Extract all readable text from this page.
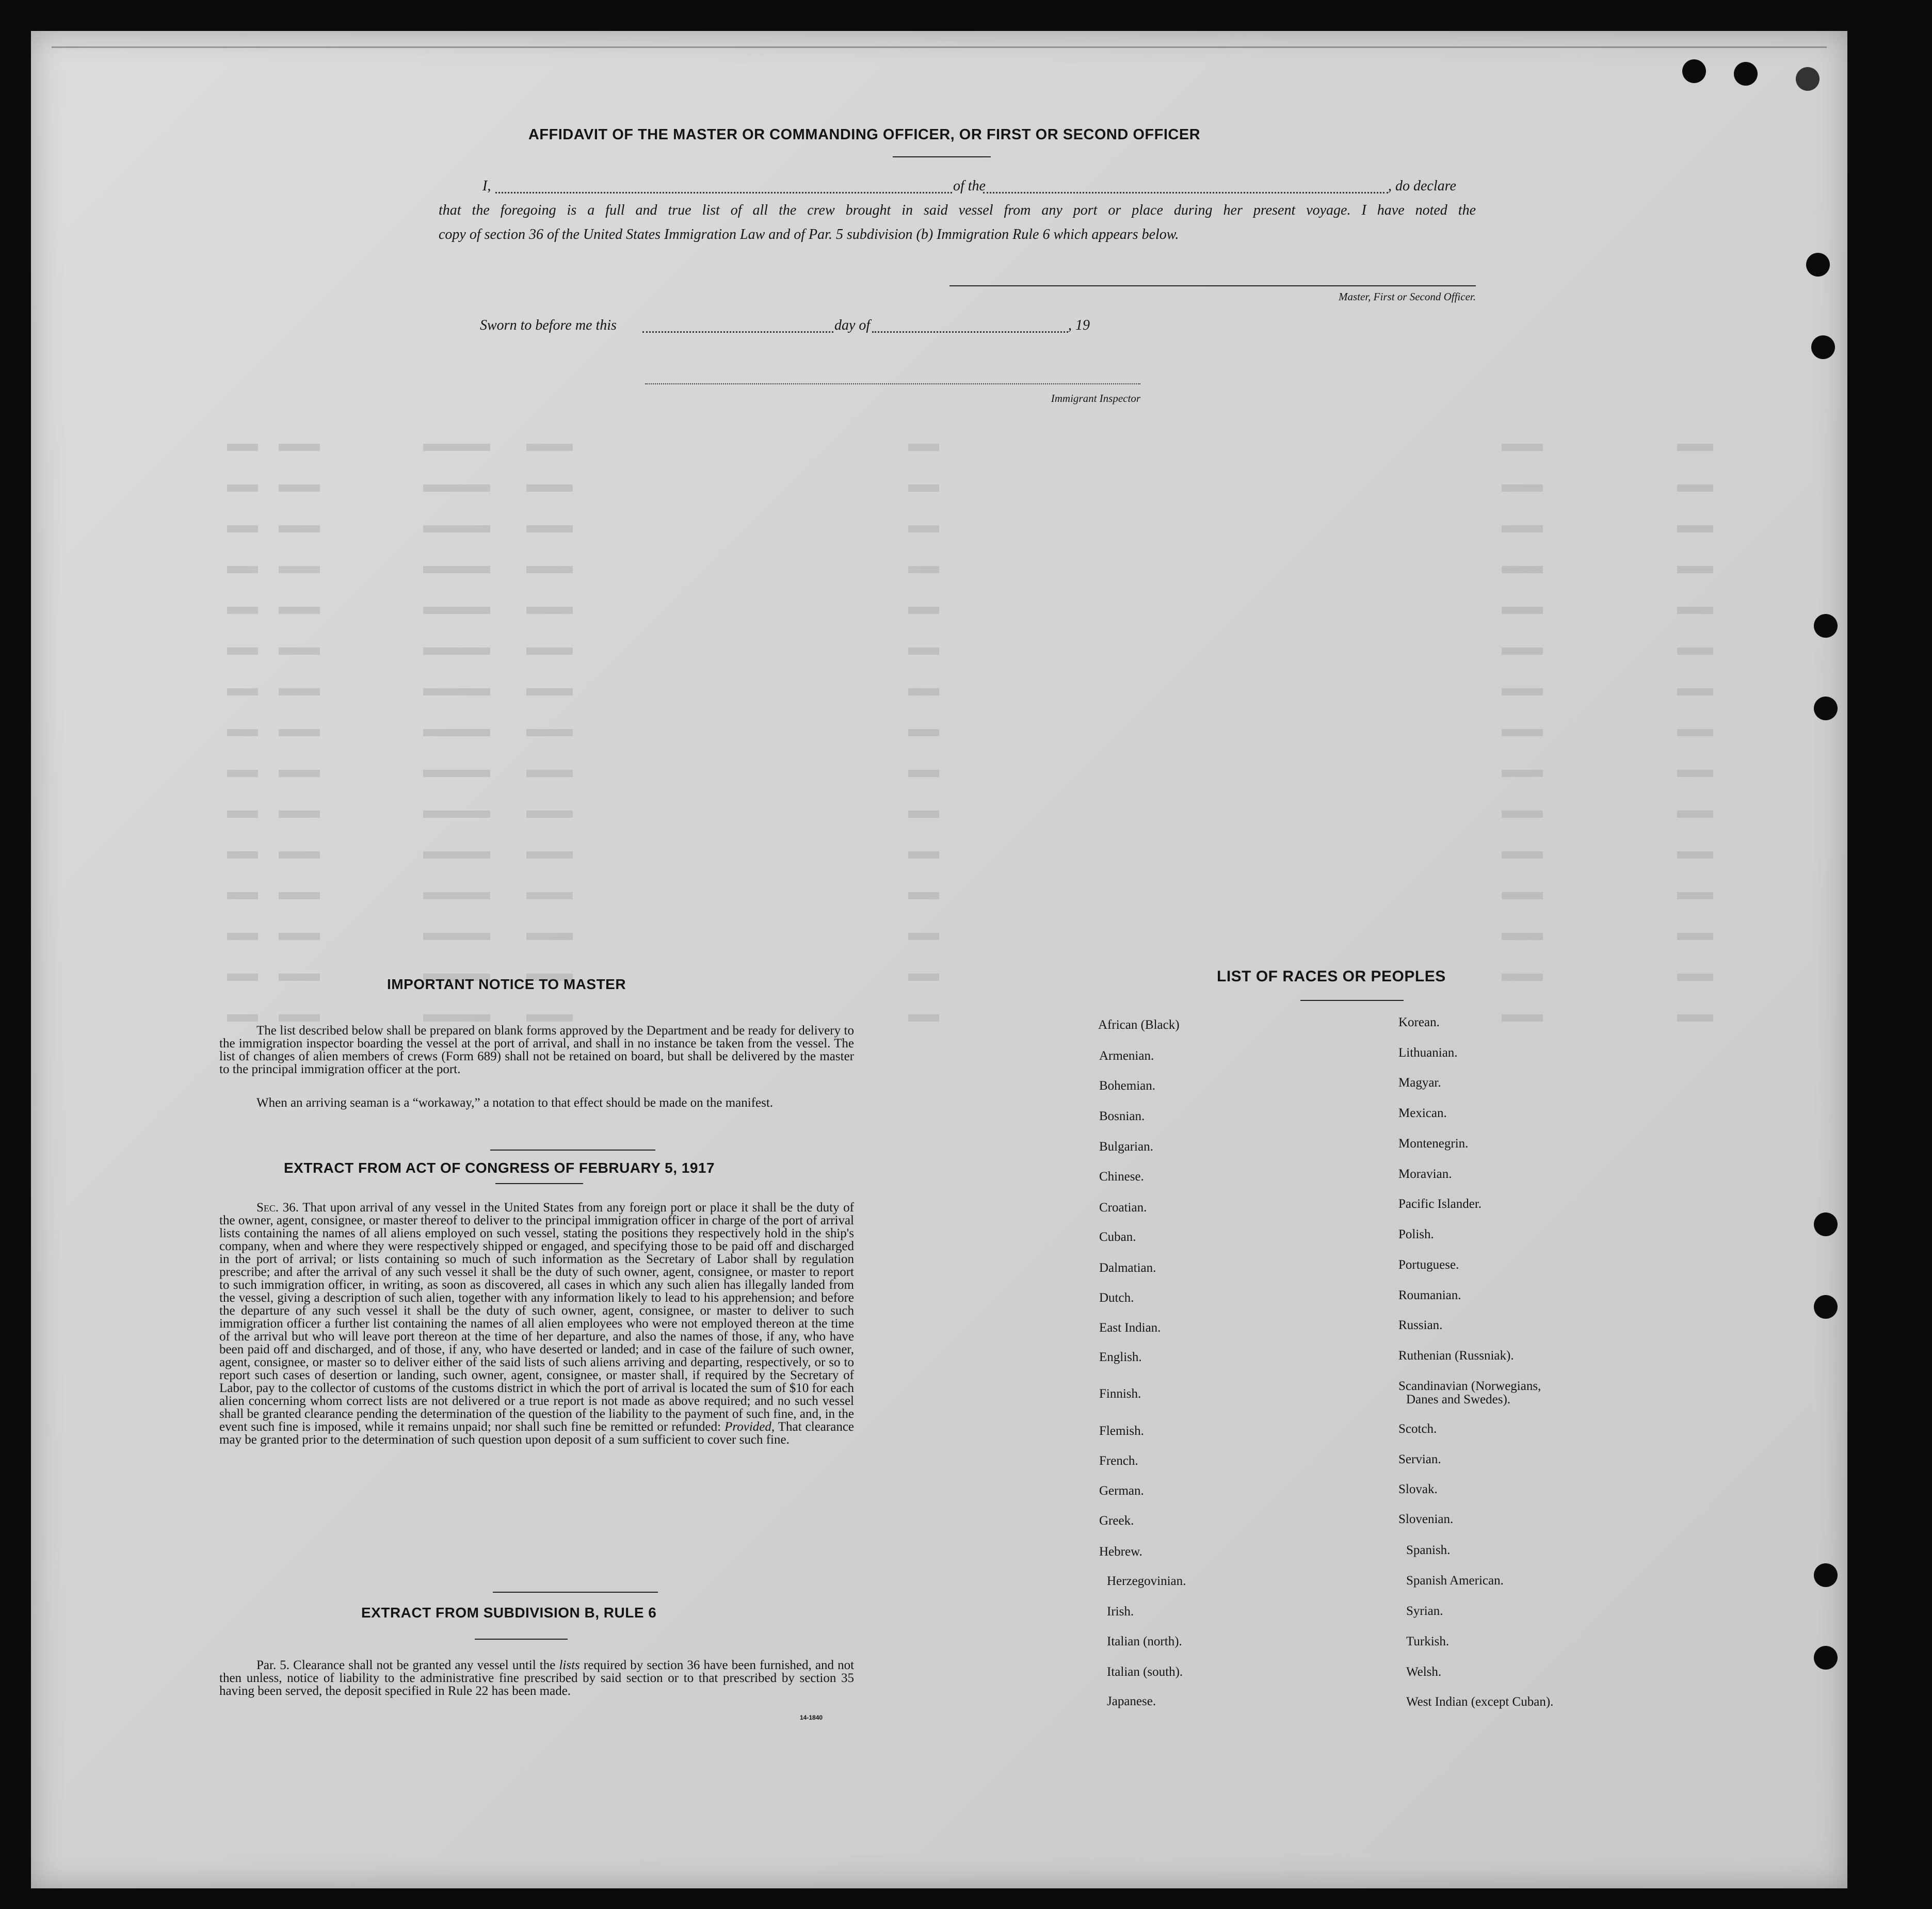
AFFIDAVIT OF THE MASTER OR COMMANDING OFFICER, OR FIRST OR SECOND OFFICER
I,	of the	, do declare
that the foregoing is a full and true list of all the crew brought in said vessel from any port or place during her present voyage. I have noted the
copy of section 36 of the United States Immigration Law and of Par. 5 subdivision (b) Immigration Rule 6 which appears below.
Master, First or Second Officer.
Sworn to before me this	day of	, 19
Immigrant Inspector
IMPORTANT NOTICE TO MASTER
The list described below shall be prepared on blank forms approved by the Department and be ready for delivery to the immigration inspector boarding the vessel at the port of arrival, and shall in no instance be taken from the vessel. The list of changes of alien members of crews (Form 689) shall not be retained on board, but shall be delivered by the master to the principal immigration officer at the port.
When an arriving seaman is a “workaway,” a notation to that effect should be made on the manifest.
EXTRACT FROM ACT OF CONGRESS OF FEBRUARY 5, 1917
Sec. 36. That upon arrival of any vessel in the United States from any foreign port or place it shall be the duty of the owner, agent, consignee, or master thereof to deliver to the principal immigration officer in charge of the port of arrival lists containing the names of all aliens employed on such vessel, stating the positions they respectively hold in the ship's company, when and where they were respectively shipped or engaged, and specifying those to be paid off and discharged in the port of arrival; or lists containing so much of such information as the Secretary of Labor shall by regulation prescribe; and after the arrival of any such vessel it shall be the duty of such owner, agent, consignee, or master to report to such immigration officer, in writing, as soon as discovered, all cases in which any such alien has illegally landed from the vessel, giving a description of such alien, together with any information likely to lead to his apprehension; and before the departure of any such vessel it shall be the duty of such owner, agent, consignee, or master to deliver to such immigration officer a further list containing the names of all alien employees who were not employed thereon at the time of the arrival but who will leave port thereon at the time of her departure, and also the names of those, if any, who have been paid off and discharged, and of those, if any, who have deserted or landed; and in case of the failure of such owner, agent, consignee, or master so to deliver either of the said lists of such aliens arriving and departing, respectively, or so to report such cases of desertion or landing, such owner, agent, consignee, or master shall, if required by the Secretary of Labor, pay to the collector of customs of the customs district in which the port of arrival is located the sum of $10 for each alien concerning whom correct lists are not delivered or a true report is not made as above required; and no such vessel shall be granted clearance pending the determination of the question of the liability to the payment of such fine, and, in the event such fine is imposed, while it remains unpaid; nor shall such fine be remitted or refunded: Provided, That clearance may be granted prior to the determination of such question upon deposit of a sum sufficient to cover such fine.
EXTRACT FROM SUBDIVISION B, RULE 6
Par. 5. Clearance shall not be granted any vessel until the lists required by section 36 have been furnished, and not then unless, notice of liability to the administrative fine prescribed by said section or to that prescribed by section 35 having been served, the deposit specified in Rule 22 has been made.
14-1840
LIST OF RACES OR PEOPLES
African (Black)
Armenian.
Bohemian.
Bosnian.
Bulgarian.
Chinese.
Croatian.
Cuban.
Dalmatian.
Dutch.
East Indian.
English.
Finnish.
Flemish.
French.
German.
Greek.
Hebrew.
Herzegovinian.
Irish.
Italian (north).
Italian (south).
Japanese.
Korean.
Lithuanian.
Magyar.
Mexican.
Montenegrin.
Moravian.
Pacific Islander.
Polish.
Portuguese.
Roumanian.
Russian.
Ruthenian (Russniak).
Scandinavian (Norwegians,
Danes and Swedes).
Scotch.
Servian.
Slovak.
Slovenian.
Spanish.
Spanish American.
Syrian.
Turkish.
Welsh.
West Indian (except Cuban).
